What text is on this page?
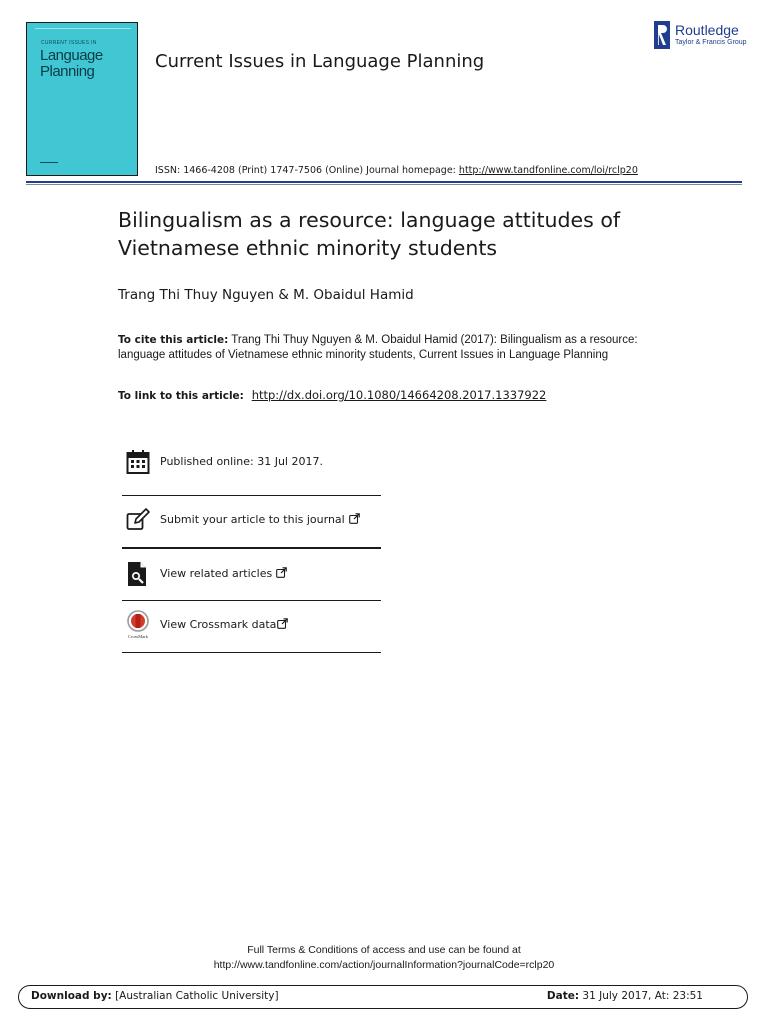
CURRENT ISSUES IN
Language
Planning	Current Issues in Language Planning
Routledge
Taylor & Francis Group
ISSN: 1466-4208 (Print) 1747-7506 (Online) Journal homepage: http://www.tandfonline.com/loi/rclp20
Bilingualism as a resource: language attitudes of Vietnamese ethnic minority students
Trang Thi Thuy Nguyen & M. Obaidul Hamid
To cite this article: Trang Thi Thuy Nguyen & M. Obaidul Hamid (2017): Bilingualism as a resource: language attitudes of Vietnamese ethnic minority students, Current Issues in Language Planning
To link to this article: http://dx.doi.org/10.1080/14664208.2017.1337922
Published online: 31 Jul 2017.
Submit your article to this journal
View related articles
CrossMark
View Crossmark data
Full Terms & Conditions of access and use can be found at
http://www.tandfonline.com/action/journalInformation?journalCode=rclp20
Download by: [Australian Catholic University]	Date: 31 July 2017, At: 23:51
